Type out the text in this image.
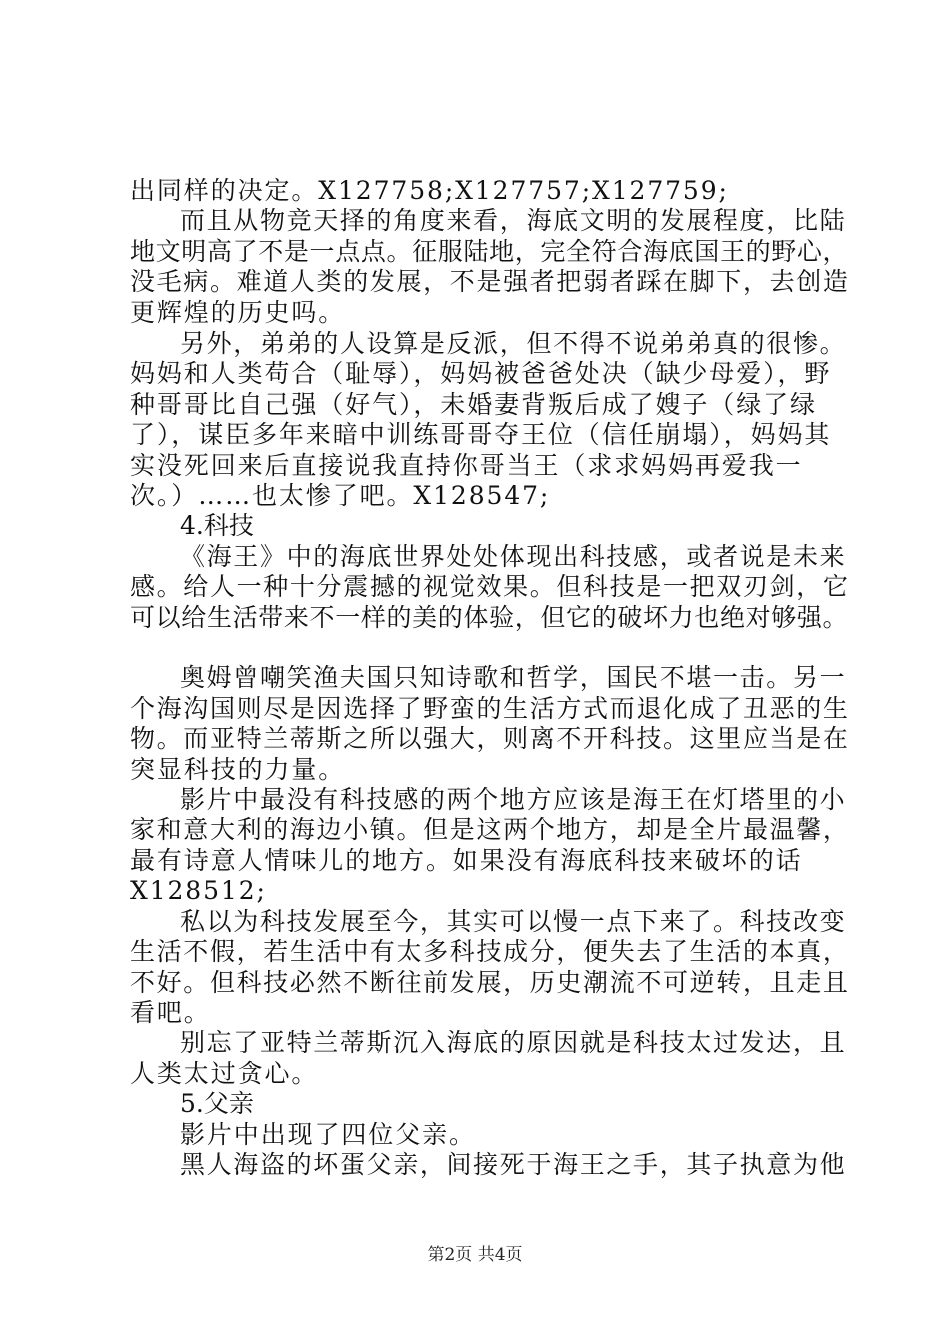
出同样的决定。X127758;X127757;X127759;
而且从物竞天择的角度来看，海底文明的发展程度，比陆
地文明高了不是一点点。征服陆地，完全符合海底国王的野心，
没毛病。难道人类的发展，不是强者把弱者踩在脚下，去创造
更辉煌的历史吗。
另外，弟弟的人设算是反派，但不得不说弟弟真的很惨。
妈妈和人类苟合（耻辱），妈妈被爸爸处决（缺少母爱），野
种哥哥比自己强（好气），未婚妻背叛后成了嫂子（绿了绿
了），谋臣多年来暗中训练哥哥夺王位（信任崩塌），妈妈其
实没死回来后直接说我直持你哥当王（求求妈妈再爱我一
次。）……也太惨了吧。X128547;
4.科技
《海王》中的海底世界处处体现出科技感，或者说是未来
感。给人一种十分震撼的视觉效果。但科技是一把双刃剑，它
可以给生活带来不一样的美的体验，但它的破坏力也绝对够强。
奥姆曾嘲笑渔夫国只知诗歌和哲学，国民不堪一击。另一
个海沟国则尽是因选择了野蛮的生活方式而退化成了丑恶的生
物。而亚特兰蒂斯之所以强大，则离不开科技。这里应当是在
突显科技的力量。
影片中最没有科技感的两个地方应该是海王在灯塔里的小
家和意大利的海边小镇。但是这两个地方，却是全片最温馨，
最有诗意人情味儿的地方。如果没有海底科技来破坏的话
X128512;
私以为科技发展至今，其实可以慢一点下来了。科技改变
生活不假，若生活中有太多科技成分，便失去了生活的本真，
不好。但科技必然不断往前发展，历史潮流不可逆转，且走且
看吧。
别忘了亚特兰蒂斯沉入海底的原因就是科技太过发达，且
人类太过贪心。
5.父亲
影片中出现了四位父亲。
黑人海盗的坏蛋父亲，间接死于海王之手，其子执意为他
第2页 共4页
